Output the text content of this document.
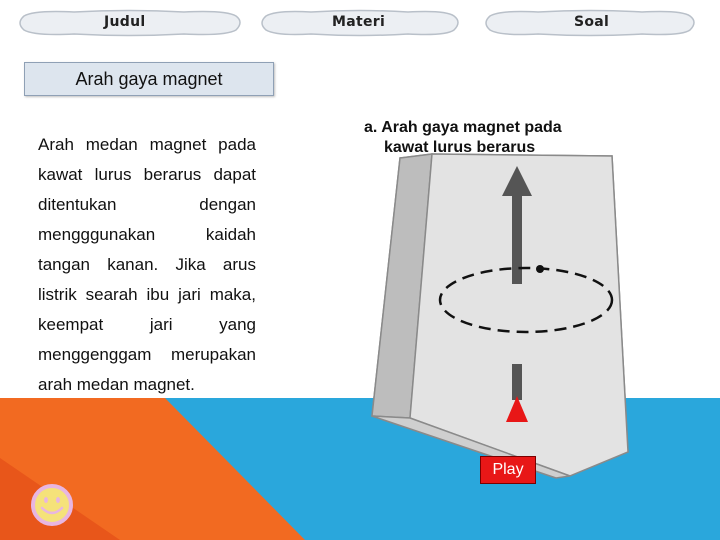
Judul	Materi	Soal
Arah gaya magnet
Arah medan magnet pada kawat lurus berarus dapat ditentukan dengan mengggunakan kaidah tangan kanan. Jika arus listrik searah ibu jari maka, keempat jari yang menggenggam merupakan arah medan magnet.
a. Arah gaya magnet pada
kawat lurus berarus
Play
